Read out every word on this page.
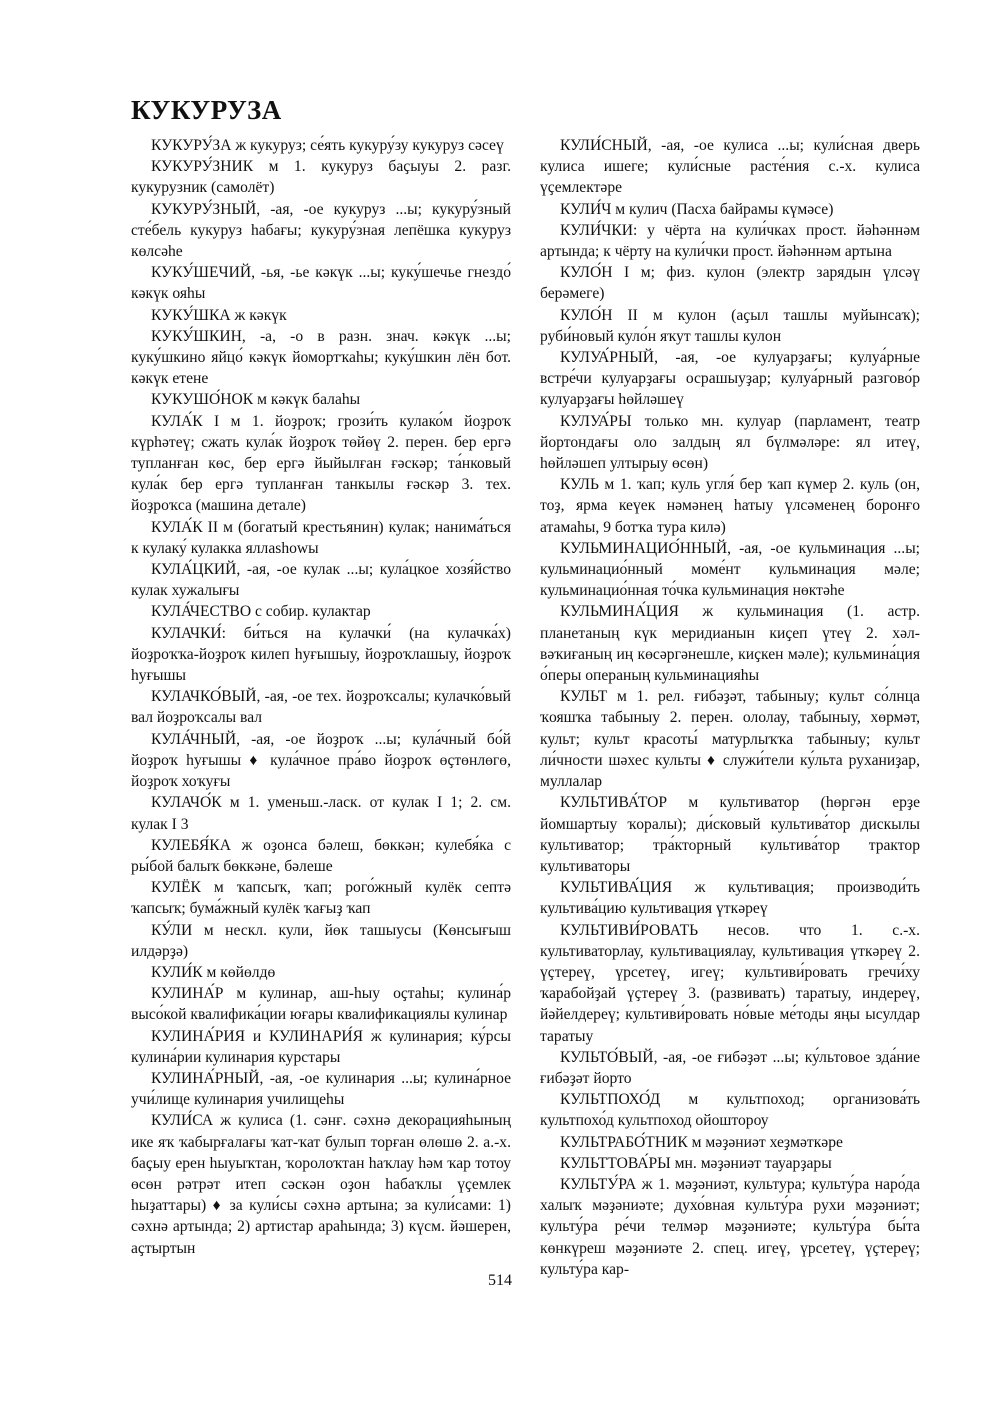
КУКУРУЗА

КУКУРУ́ЗА ж кукуруз; се́ять кукуру́зу кукуруз сәсеү

КУКУРУ́ЗНИК м 1. кукуруз баҫыуы 2. разг. кукурузник (самолёт)

КУКУРУ́ЗНЫЙ, -ая, -ое кукуруз ...ы; кукуру́зный сте́бель кукуруз һабағы; кукуру́зная лепёшка кукуруз көлсәһе

КУКУ́ШЕЧИЙ, -ья, -ье кәкүк ...ы; куку́шечье гнездо́ кәкүк ояһы

КУКУ́ШКА ж кәкүк

КУКУ́ШКИН, -а, -о в разн. знач. кәкүк ...ы; куку́шкино яйцо́ кәкүк йомортҡаһы; куку́шкин лён бот. кәкүк етене

КУКУШО́НОК м кәкүк балаһы

КУЛА́К I м 1. йоҙроҡ; грози́ть кулако́м йоҙроҡ күрһәтеү; сжать кула́к йоҙроҡ төйөү 2. перен. бер ергә тупланған көс, бер ергә йыйылған ғәскәр; та́нковый кула́к бер ергә тупланған танкылы ғәскәр 3. тех. йоҙроҡса (машина детале)

КУЛА́К II м (богатый крестьянин) кулак; нанима́ться к кулаку́ кулакка яллаshowы

КУЛА́ЦКИЙ, -ая, -ое кулак ...ы; кула́цкое хозя́йство кулак хужалығы

КУЛА́ЧЕСТВО с собир. кулактар

КУЛАЧКИ́: би́ться на кулачки́ (на кулачка́х) йоҙроҡҡа-йоҙроҡ килеп һуғышыу, йоҙроҡлашыу, йоҙроҡ һуғышы

КУЛАЧКО́ВЫЙ, -ая, -ое тех. йоҙроҡсалы; кулачко́вый вал йоҙроҡсалы вал

КУЛА́ЧНЫЙ, -ая, -ое йоҙроҡ ...ы; кула́чный бо́й йоҙроҡ һуғышы ♦ кула́чное пра́во йоҙроҡ өҫтөнлөгө, йоҙроҡ хоҡуғы

КУЛАЧО́К м 1. уменьш.-ласк. от кулак I 1; 2. см. кулак I 3

КУЛЕБЯ́КА ж оҙонса бәлеш, бөккән; кулебя́ка с ры́бой балыҡ бөккәне, бәлеше

КУЛЁК м ҡапсыҡ, ҡап; рого́жный кулёк септә ҡапсыҡ; бума́жный кулёк ҡағыҙ ҡап

КУ́ЛИ м нескл. кули, йөк ташыусы (Көнсығыш илдәрҙә)

КУЛИ́К м көйөлдө

КУЛИНА́Р м кулинар, аш-һыу оҫтаһы; кулина́р высо́кой квалифика́ции юғары квалификациялы кулинар

КУЛИНА́РИЯ и КУЛИНАРИ́Я ж кулинария; ку́рсы кулина́рии кулинария курстары

КУЛИНА́РНЫЙ, -ая, -ое кулинария ...ы; кулина́рное учи́лище кулинария училищеһы

КУЛИ́СА ж кулиса (1. сәнғ. сәхнә декорацияһының ике яҡ ҡабырғалағы ҡат-ҡат булып торған өлөшө 2. а.-х. баҫыу ерен һыуыҡтан, ҡоролоҡтан һаҡлау һәм ҡар тотоу өсөн рәтрәт итеп сәскән оҙон һабаҡлы үҫемлек һыҙаттары) ♦ за кули́сы сәхнә артына; за кули́сами: 1) сәхнә артында; 2) артистар араһында; 3) күсм. йәшерен, аҫтыртын

КУЛИ́СНЫЙ, -ая, -ое кулиса ...ы; кули́сная дверь кулиса ишеге; кули́сные расте́ния с.-х. кулиса үҫемлектәре

КУЛИ́Ч м кулич (Пасха байрамы күмәсе)

КУЛИ́ЧКИ: у чёрта на кули́чках прост. йәһәннәм артында; к чёрту на кули́чки прост. йәһәннәм артына

КУЛО́Н I м; физ. кулон (электр зарядын үлсәү берәмеге)

КУЛО́Н II м кулон (аҫыл ташлы муйынсаҡ); руби́новый куло́н яҡут ташлы кулон

КУЛУА́РНЫЙ, -ая, -ое кулуарҙағы; кулуа́рные встре́чи кулуарҙағы осрашыуҙар; кулуа́рный разгово́р кулуарҙағы һөйләшеү

КУЛУА́РЫ только мн. кулуар (парламент, театр йортондағы оло залдың ял бүлмәләре: ял итеү, һөйләшеп ултырыу өсөн)

КУЛЬ м 1. ҡап; куль угля́ бер ҡап күмер 2. куль (он, тоҙ, ярма кеүек нәмәнең һатыу үлсәменең боронғо атамаһы, 9 ботҡа тура килә)

КУЛЬМИНАЦИО́ННЫЙ, -ая, -ое кульминация ...ы; кульминацио́нный моме́нт кульминация мәле; кульминацио́нная то́чка кульминация нөктәһе

КУЛЬМИНА́ЦИЯ ж кульминация (1. астр. планетаның күк меридианын киҫеп үтеү 2. хәл-вәҡиғаның иң көсәргәнешле, киҫкен мәле); кульмина́ция о́перы операның кульминацияһы

КУЛЬТ м 1. рел. ғибәҙәт, табыныу; культ со́лнца ҡояшҡа табыныу 2. перен. ололау, табыныу, хөрмәт, культ; культ красоты́ матурлыҡҡа табыныу; культ ли́чности шәхес культы ♦ служи́тели ку́льта руханиҙар, муллалар

КУЛЬТИВА́ТОР м культиватор (һөргән ерҙе йомшартыу ҡоралы); ди́сковый культива́тор дискылы культиватор; тра́кторный культива́тор трактор культиваторы

КУЛЬТИВА́ЦИЯ ж культивация; производи́ть культива́цию культивация үткәреү

КУЛЬТИВИ́РОВАТЬ несов. что 1. с.-х. культиваторлау, культивациялау, культивация үткәреү 2. үҫтереү, үрсетеү, игеү; культиви́ровать гречи́ху ҡарабойҙай үҫтереү 3. (развивать) таратыу, индереү, йәйелдереү; культиви́ровать но́вые ме́тоды яңы ысулдар таратыу

КУЛЬТО́ВЫЙ, -ая, -ое ғибәҙәт ...ы; ку́льтовое зда́ние ғибәҙәт йорто

КУЛЬТПОХО́Д м культпоход; организова́ть культпохо́д культпоход ойоштороу

КУЛЬТРАБО́ТНИК м мәҙәниәт хеҙмәткәре

КУЛЬТТОВА́РЫ мн. мәҙәниәт тауарҙары

КУЛЬТУ́РА ж 1. мәҙәниәт, культура; культу́ра наро́да халыҡ мәҙәниәте; духо́вная культу́ра рухи мәҙәниәт; культу́ра ре́чи телмәр мәҙәниәте; культу́ра бы́та көнкүреш мәҙәниәте 2. спец. игеү, үрсетеү, үҫтереү; культу́ра кар-

514
